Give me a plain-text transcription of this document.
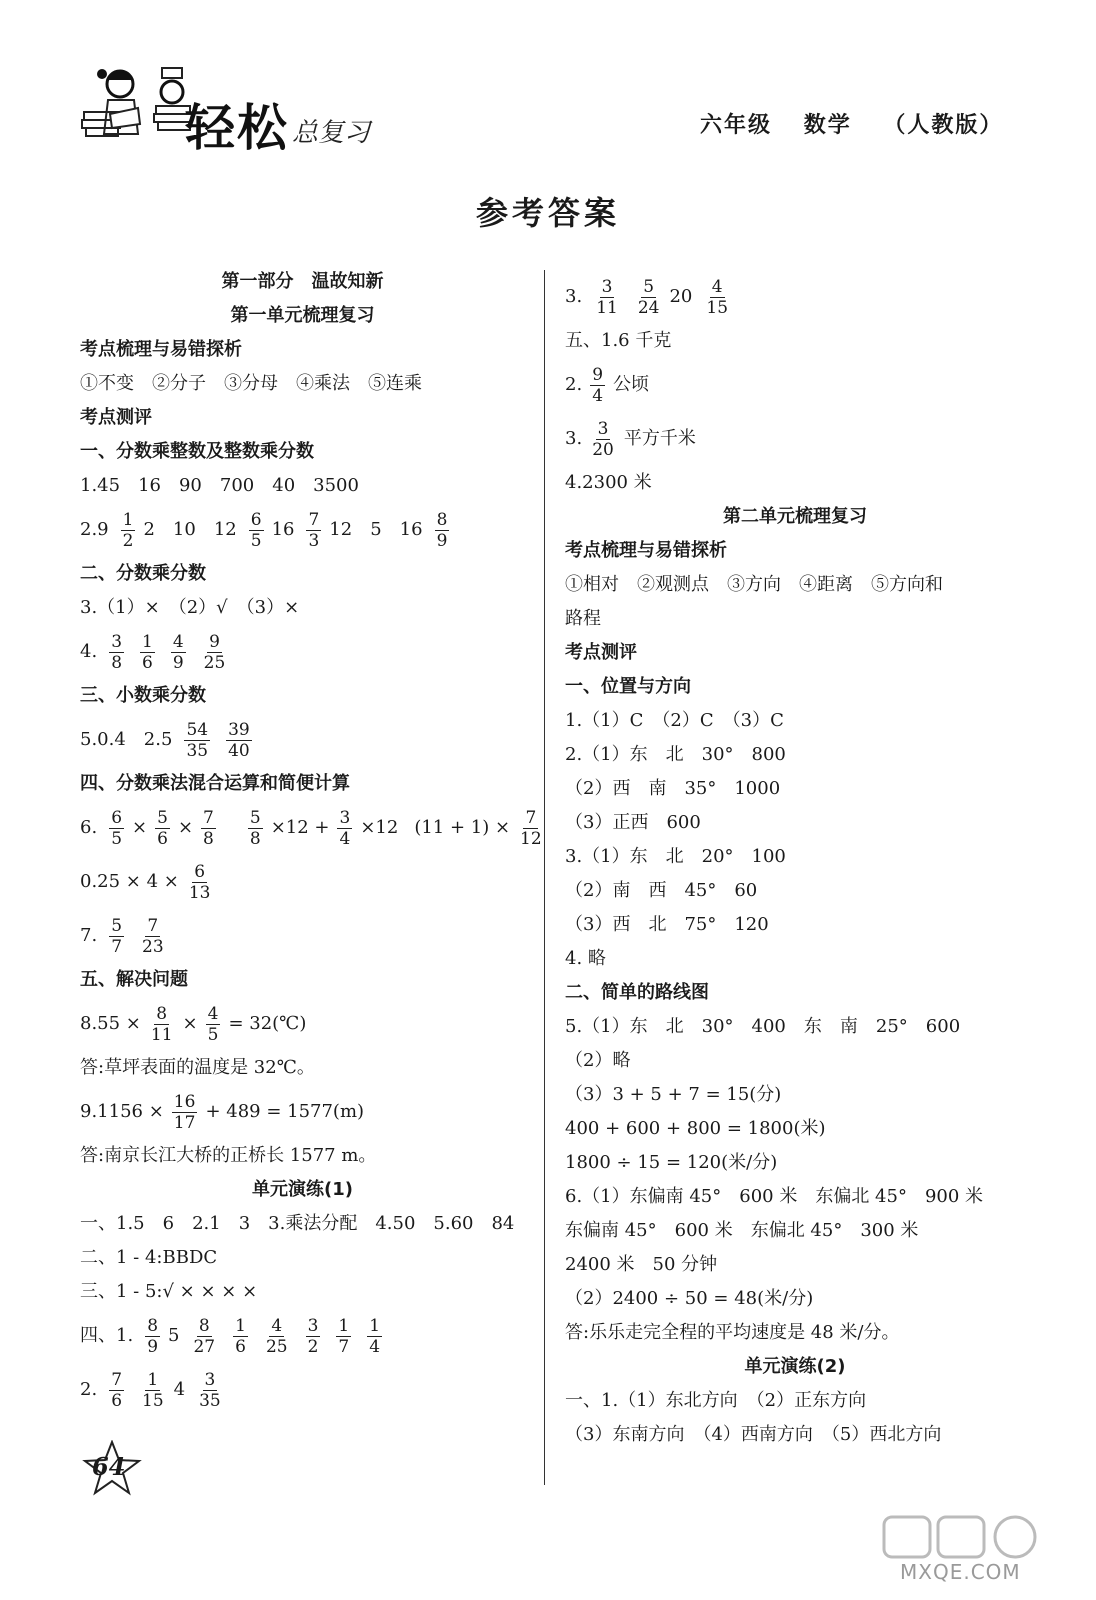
轻松 总复习	六年级 数学 （人教版）
参考答案
第一部分　温故知新
第一单元梳理复习
考点梳理与易错探析
①不变　②分子　③分母　④乘法　⑤连乘
考点测评
一、分数乘整数及整数乘分数
1.45　16　90　700　40　3500
$2.9 \frac{1}{2} 2$　10　$12 \frac{6}{5} 16 \frac{7}{3} 12$　5　$16 \frac{8}{9}$
二、分数乘分数
3.（1）×　（2）√　（3）×
4. $\frac{3}{8} \frac{1}{6} \frac{4}{9} \frac{9}{25}$
三、小数乘分数
5.0.4　$2.5 \frac{54}{35} \frac{39}{40}$
四、分数乘法混合运算和简便计算
6. $\frac{6}{5} \times \frac{5}{6} \times \frac{7}{8} \frac{5}{8} \times 12 + \frac{3}{4} \times 12$ $(11 + 1) \times \frac{7}{12}$
$0.25 \times 4 \times \frac{6}{13}$
7. $\frac{5}{7} \frac{7}{23}$
五、解决问题
$8.55 \times \frac{8}{11} \times \frac{4}{5}$ = 32(℃)
答:草坪表面的温度是 32℃。
$9.1156 \times \frac{16}{17} + 489 = 1577(m)$
答:南京长江大桥的正桥长 1577 m。
单元演练(1)
一、1.5　6　2.1　3　3.乘法分配　4.50　5.60　84
二、1 - 4:BBDC
三、1 - 5:√ × × × ×
四、1. $\frac{8}{9} 5 \frac{8}{27} \frac{1}{6} \frac{4}{25} \frac{3}{2} \frac{1}{7} \frac{1}{4}$
2. $\frac{7}{6} \frac{1}{15} 4 \frac{3}{35}$
3. $\frac{3}{11} \frac{5}{24} 20 \frac{4}{15}$
五、1.6 千克
2. $\frac{9}{4}$ 公顷
3. $\frac{3}{20}$ 平方千米
4.2300 米
第二单元梳理复习
考点梳理与易错探析
①相对　②观测点　③方向　④距离　⑤方向和
路程
考点测评
一、位置与方向
1.（1）C　（2）C　（3）C
2.（1）东　北　30°　800
（2）西　南　35°　1000
（3）正西　600
3.（1）东　北　20°　100
（2）南　西　45°　60
（3）西　北　75°　120
4. 略
二、简单的路线图
5.（1）东　北　30°　400　东　南　25°　600
（2）略
（3）3 + 5 + 7 = 15(分)
400 + 600 + 800 = 1800(米)
1800 ÷ 15 = 120(米/分)
6.（1）东偏南 45°　600 米　东偏北 45°　900 米
东偏南 45°　600 米　东偏北 45°　300 米
2400 米　50 分钟
（2）2400 ÷ 50 = 48(米/分)
答:乐乐走完全程的平均速度是 48 米/分。
单元演练(2)
一、1.（1）东北方向　（2）正东方向
（3）东南方向　（4）西南方向　（5）西北方向
64
MXQE.COM
